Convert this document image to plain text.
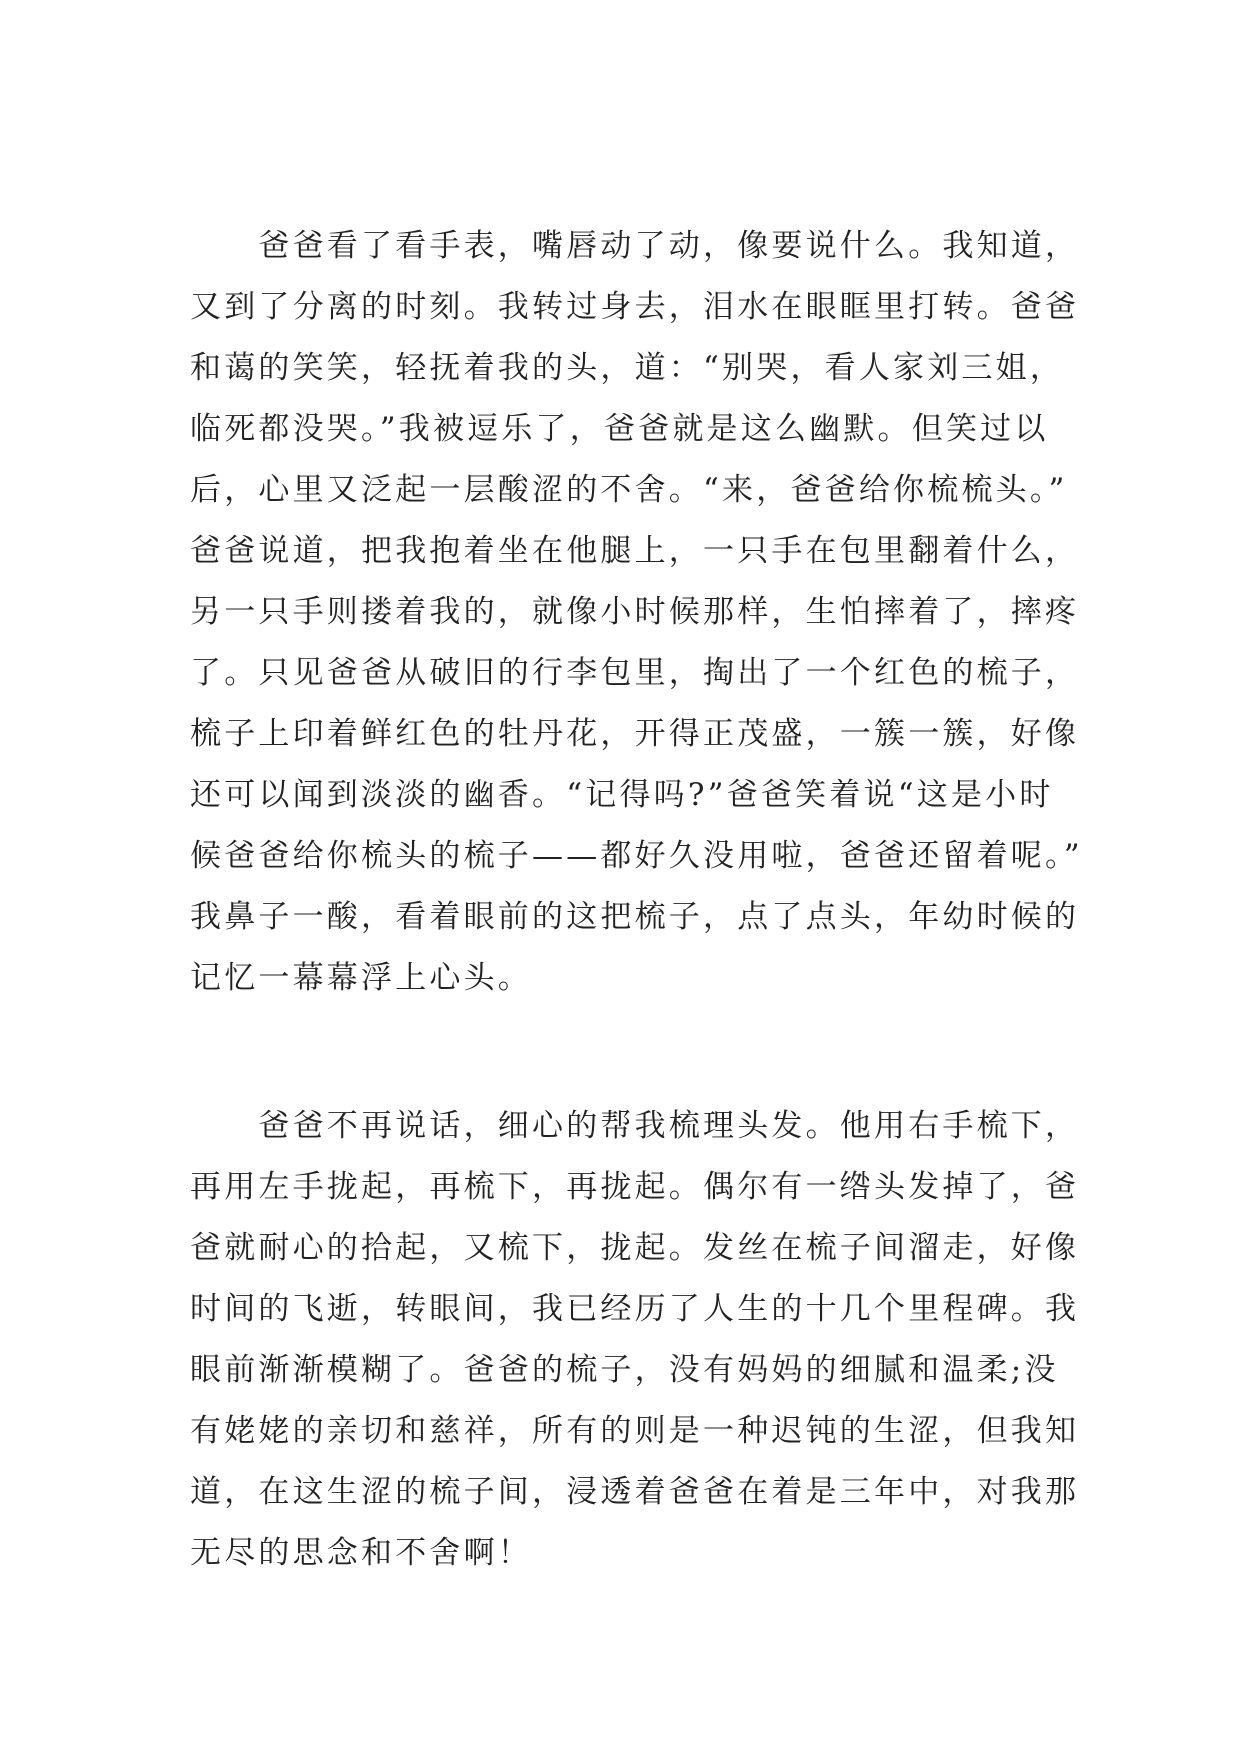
　　爸爸看了看手表，嘴唇动了动，像要说什么。我知道，
又到了分离的时刻。我转过身去，泪水在眼眶里打转。爸爸
和蔼的笑笑，轻抚着我的头，道：“别哭，看人家刘三姐，
临死都没哭。”我被逗乐了，爸爸就是这么幽默。但笑过以
后，心里又泛起一层酸涩的不舍。“来，爸爸给你梳梳头。”
爸爸说道，把我抱着坐在他腿上，一只手在包里翻着什么，
另一只手则搂着我的，就像小时候那样，生怕摔着了，摔疼
了。只见爸爸从破旧的行李包里，掏出了一个红色的梳子，
梳子上印着鲜红色的牡丹花，开得正茂盛，一簇一簇，好像
还可以闻到淡淡的幽香。“记得吗?”爸爸笑着说“这是小时
候爸爸给你梳头的梳子——都好久没用啦，爸爸还留着呢。”
我鼻子一酸，看着眼前的这把梳子，点了点头，年幼时候的
记忆一幕幕浮上心头。
　　爸爸不再说话，细心的帮我梳理头发。他用右手梳下，
再用左手拢起，再梳下，再拢起。偶尔有一绺头发掉了，爸
爸就耐心的拾起，又梳下，拢起。发丝在梳子间溜走，好像
时间的飞逝，转眼间，我已经历了人生的十几个里程碑。我
眼前渐渐模糊了。爸爸的梳子，没有妈妈的细腻和温柔;没
有姥姥的亲切和慈祥，所有的则是一种迟钝的生涩，但我知
道，在这生涩的梳子间，浸透着爸爸在着是三年中，对我那
无尽的思念和不舍啊！
